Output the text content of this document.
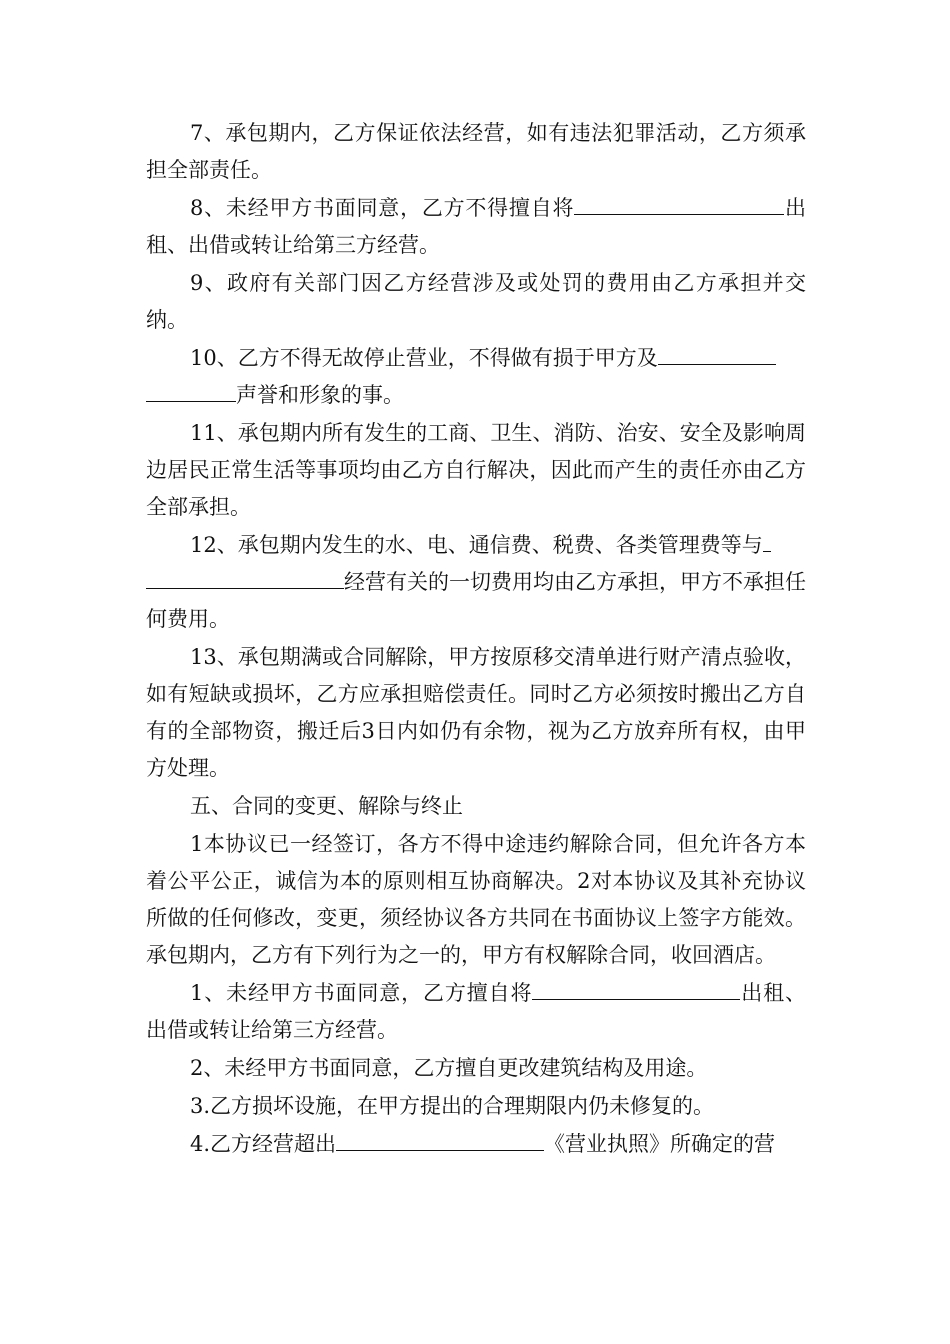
7、承包期内，乙方保证依法经营，如有违法犯罪活动，乙方须承担全部责任。

8、未经甲方书面同意，乙方不得擅自将	出租、出借或转让给第三方经营。

9、政府有关部门因乙方经营涉及或处罚的费用由乙方承担并交纳。

10、乙方不得无故停止营业，不得做有损于甲方及声誉和形象的事。

11、承包期内所有发生的工商、卫生、消防、治安、安全及影响周边居民正常生活等事项均由乙方自行解决，因此而产生的责任亦由乙方全部承担。

12、承包期内发生的水、电、通信费、税费、各类管理费等与经营有关的一切费用均由乙方承担，甲方不承担任何费用。

13、承包期满或合同解除，甲方按原移交清单进行财产清点验收，如有短缺或损坏，乙方应承担赔偿责任。同时乙方必须按时搬出乙方自有的全部物资，搬迁后3日内如仍有余物，视为乙方放弃所有权，由甲方处理。

五、合同的变更、解除与终止

1本协议已一经签订，各方不得中途违约解除合同，但允许各方本着公平公正，诚信为本的原则相互协商解决。2对本协议及其补充协议所做的任何修改，变更，须经协议各方共同在书面协议上签字方能效。承包期内，乙方有下列行为之一的，甲方有权解除合同，收回酒店。

1、未经甲方书面同意，乙方擅自将	出租、出借或转让给第三方经营。

2、未经甲方书面同意，乙方擅自更改建筑结构及用途。

3.乙方损坏设施，在甲方提出的合理期限内仍未修复的。

4.乙方经营超出	《营业执照》所确定的营
